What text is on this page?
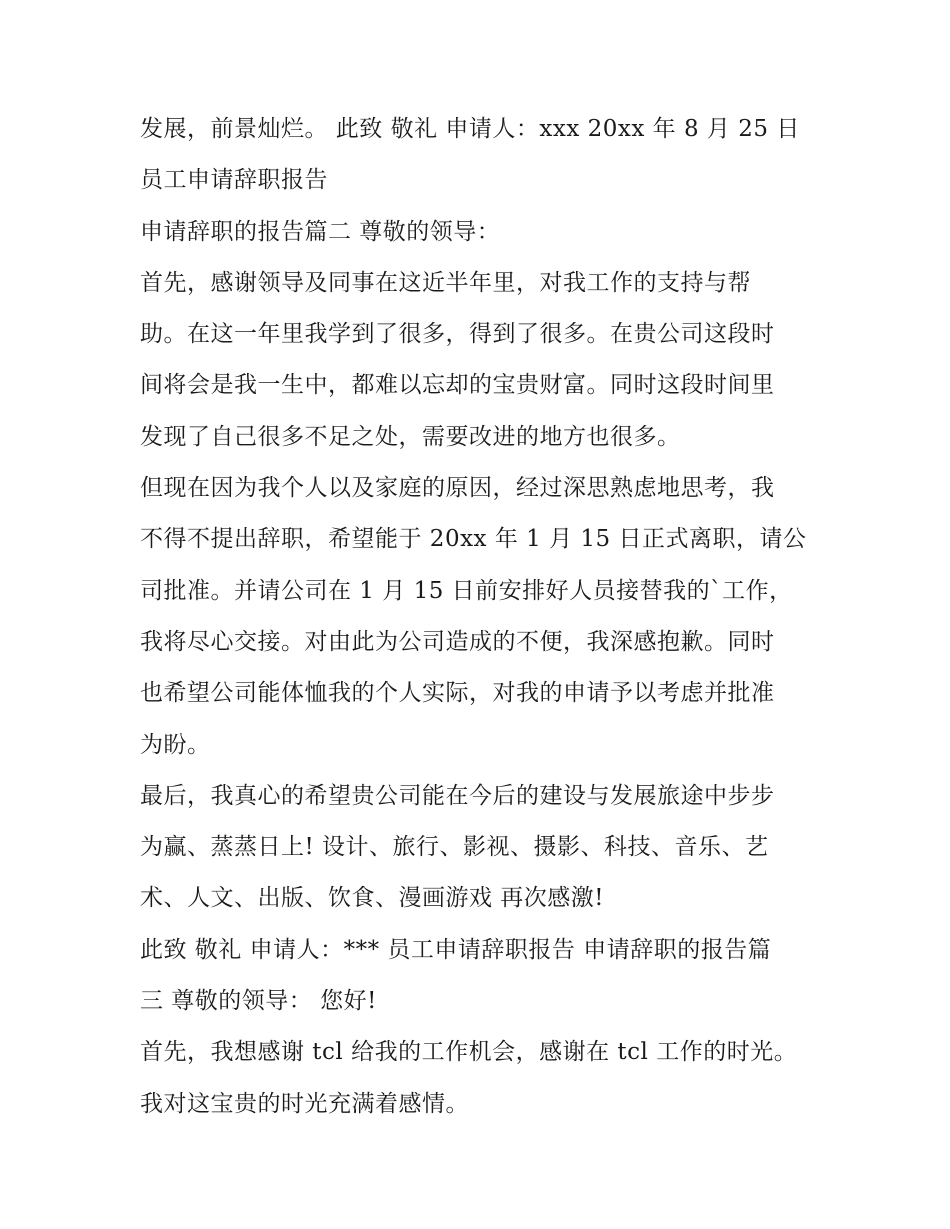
发展，前景灿烂。 此致 敬礼 申请人：xxx 20xx 年 8 月 25 日
员工申请辞职报告
申请辞职的报告篇二 尊敬的领导：
首先，感谢领导及同事在这近半年里，对我工作的支持与帮
助。在这一年里我学到了很多，得到了很多。在贵公司这段时
间将会是我一生中，都难以忘却的宝贵财富。同时这段时间里
发现了自己很多不足之处，需要改进的地方也很多。
但现在因为我个人以及家庭的原因，经过深思熟虑地思考，我
不得不提出辞职，希望能于 20xx 年 1 月 15 日正式离职，请公
司批准。并请公司在 1 月 15 日前安排好人员接替我的`工作，
我将尽心交接。对由此为公司造成的不便，我深感抱歉。同时
也希望公司能体恤我的个人实际，对我的申请予以考虑并批准
为盼。
最后，我真心的希望贵公司能在今后的建设与发展旅途中步步
为赢、蒸蒸日上! 设计、旅行、影视、摄影、科技、音乐、艺
术、人文、出版、饮食、漫画游戏 再次感激!
此致 敬礼 申请人：*** 员工申请辞职报告 申请辞职的报告篇
三 尊敬的领导： 您好!
首先，我想感谢 tcl 给我的工作机会，感谢在 tcl 工作的时光。
我对这宝贵的时光充满着感情。
